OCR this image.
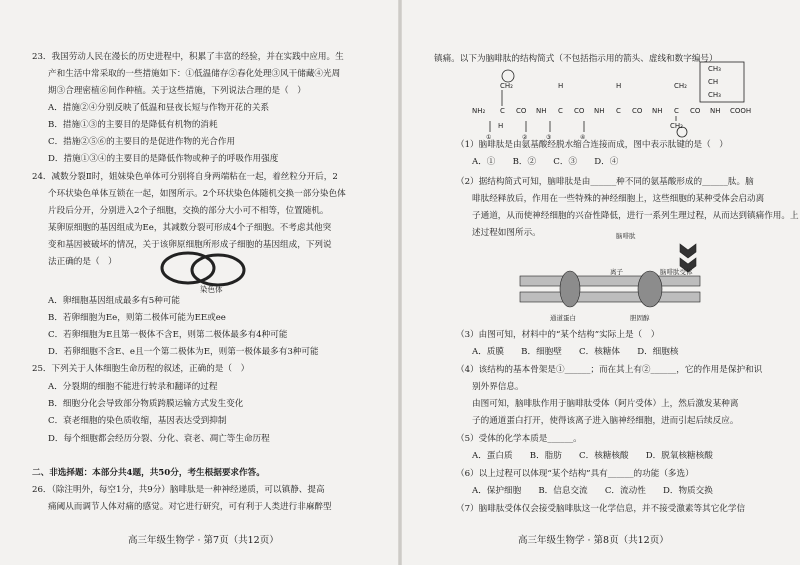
23．我国劳动人民在漫长的历史进程中，积累了丰富的经验，并在实践中应用。生
产和生活中常采取的一些措施如下：①低温储存②春化处理③风干储藏④光周
期③合理密植⑥间作种植。关于这些措施，下列说法合理的是（　）
A．措施②④分别反映了低温和昼夜长短与作物开花的关系
B．措施①③的主要目的是降低有机物的消耗
C．措施②⑤⑥的主要目的是促进作物的光合作用
D．措施①③④的主要目的是降低作物或种子的呼吸作用强度
24．减数分裂Ⅱ时，姐妹染色单体可分别将自身两端粘在一起，着丝粒分开后，2
个环状染色单体互锁在一起，如图所示。2个环状染色体随机交换一部分染色体
片段后分开，分别进入2个子细胞，交换的部分大小可不相等，位置随机。
某卵原细胞的基因组成为Ee，其减数分裂可形成4个子细胞。不考虑其他突
变和基因被破坏的情况，关于该卵原细胞所形成子细胞的基因组成，下列说
法正确的是（　）
染色体
A．卵细胞基因组成最多有5种可能
B．若卵细胞为Ee，则第二极体可能为EE或ee
C．若卵细胞为E且第一极体不含E，则第二极体最多有4种可能
D．若卵细胞不含E、e且一个第二极体为E，则第一极体最多有3种可能
25．下列关于人体细胞生命历程的叙述，正确的是（　）
A．分裂期的细胞不能进行转录和翻译的过程
B．细胞分化会导致部分物质跨膜运输方式发生变化
C．衰老细胞的染色质收缩，基因表达受到抑制
D．每个细胞都会经历分裂、分化、衰老、凋亡等生命历程
二、非选择题：本部分共4题，共50分，考生根据要求作答。
26．（除注明外，每空1分，共9分）脑啡肽是一种神经递质，可以镇静、提高
痛阈从而调节人体对痛的感觉。对它进行研究，可有利于人类进行非麻醉型
高三年级生物学 · 第7页（共12页）
镇痛。以下为脑啡肽的结构简式（不包括指示用的箭头、虚线和数字编号）
NH₂ C CO NH C CO NH C CO NH C CO NH COOH
CH₂	H	H	CH₂
H	CH₂
CH₃
CH
CH₃
①	②	③	④
（1）脑啡肽是由氨基酸经脱水缩合连接而成，图中表示肽键的是（　）
A．①　　B．②　　C．③　　D．④
（2）据结构简式可知，脑啡肽是由______种不同的氨基酸形成的______肽。脑
啡肽经释放后，作用在一些特殊的神经细胞上，这些细胞的某种受体会启动离
子通道，从而使神经细胞的兴奋性降低，进行一系列生理过程，从而达到镇痛作用。上
述过程如图所示。	脑啡肽
离子	脑啡肽受体
通道蛋白	胆固醇
（3）由图可知，材料中的“某个结构”实际上是（　）
A．质膜　　B．细胞壁　　C．核糖体　　D．细胞核
（4）该结构的基本骨架是①______；而在其上有②______，它的作用是保护和识
别外界信息。
由图可知，脑啡肽作用于脑啡肽受体（阿片受体）上，然后激发某种离
子的通道蛋白打开，使得该离子进入脑神经细胞，进而引起后续反应。
（5）受体的化学本质是______。
A．蛋白质　　B．脂肪　　C．核糖核酸　　D．脱氧核糖核酸
（6）以上过程可以体现“某个结构”具有______的功能（多选）
A．保护细胞　　B．信息交流　　C．流动性　　D．物质交换
（7）脑啡肽受体仅会接受脑啡肽这一化学信息，并不接受激素等其它化学信
高三年级生物学 · 第8页（共12页）
